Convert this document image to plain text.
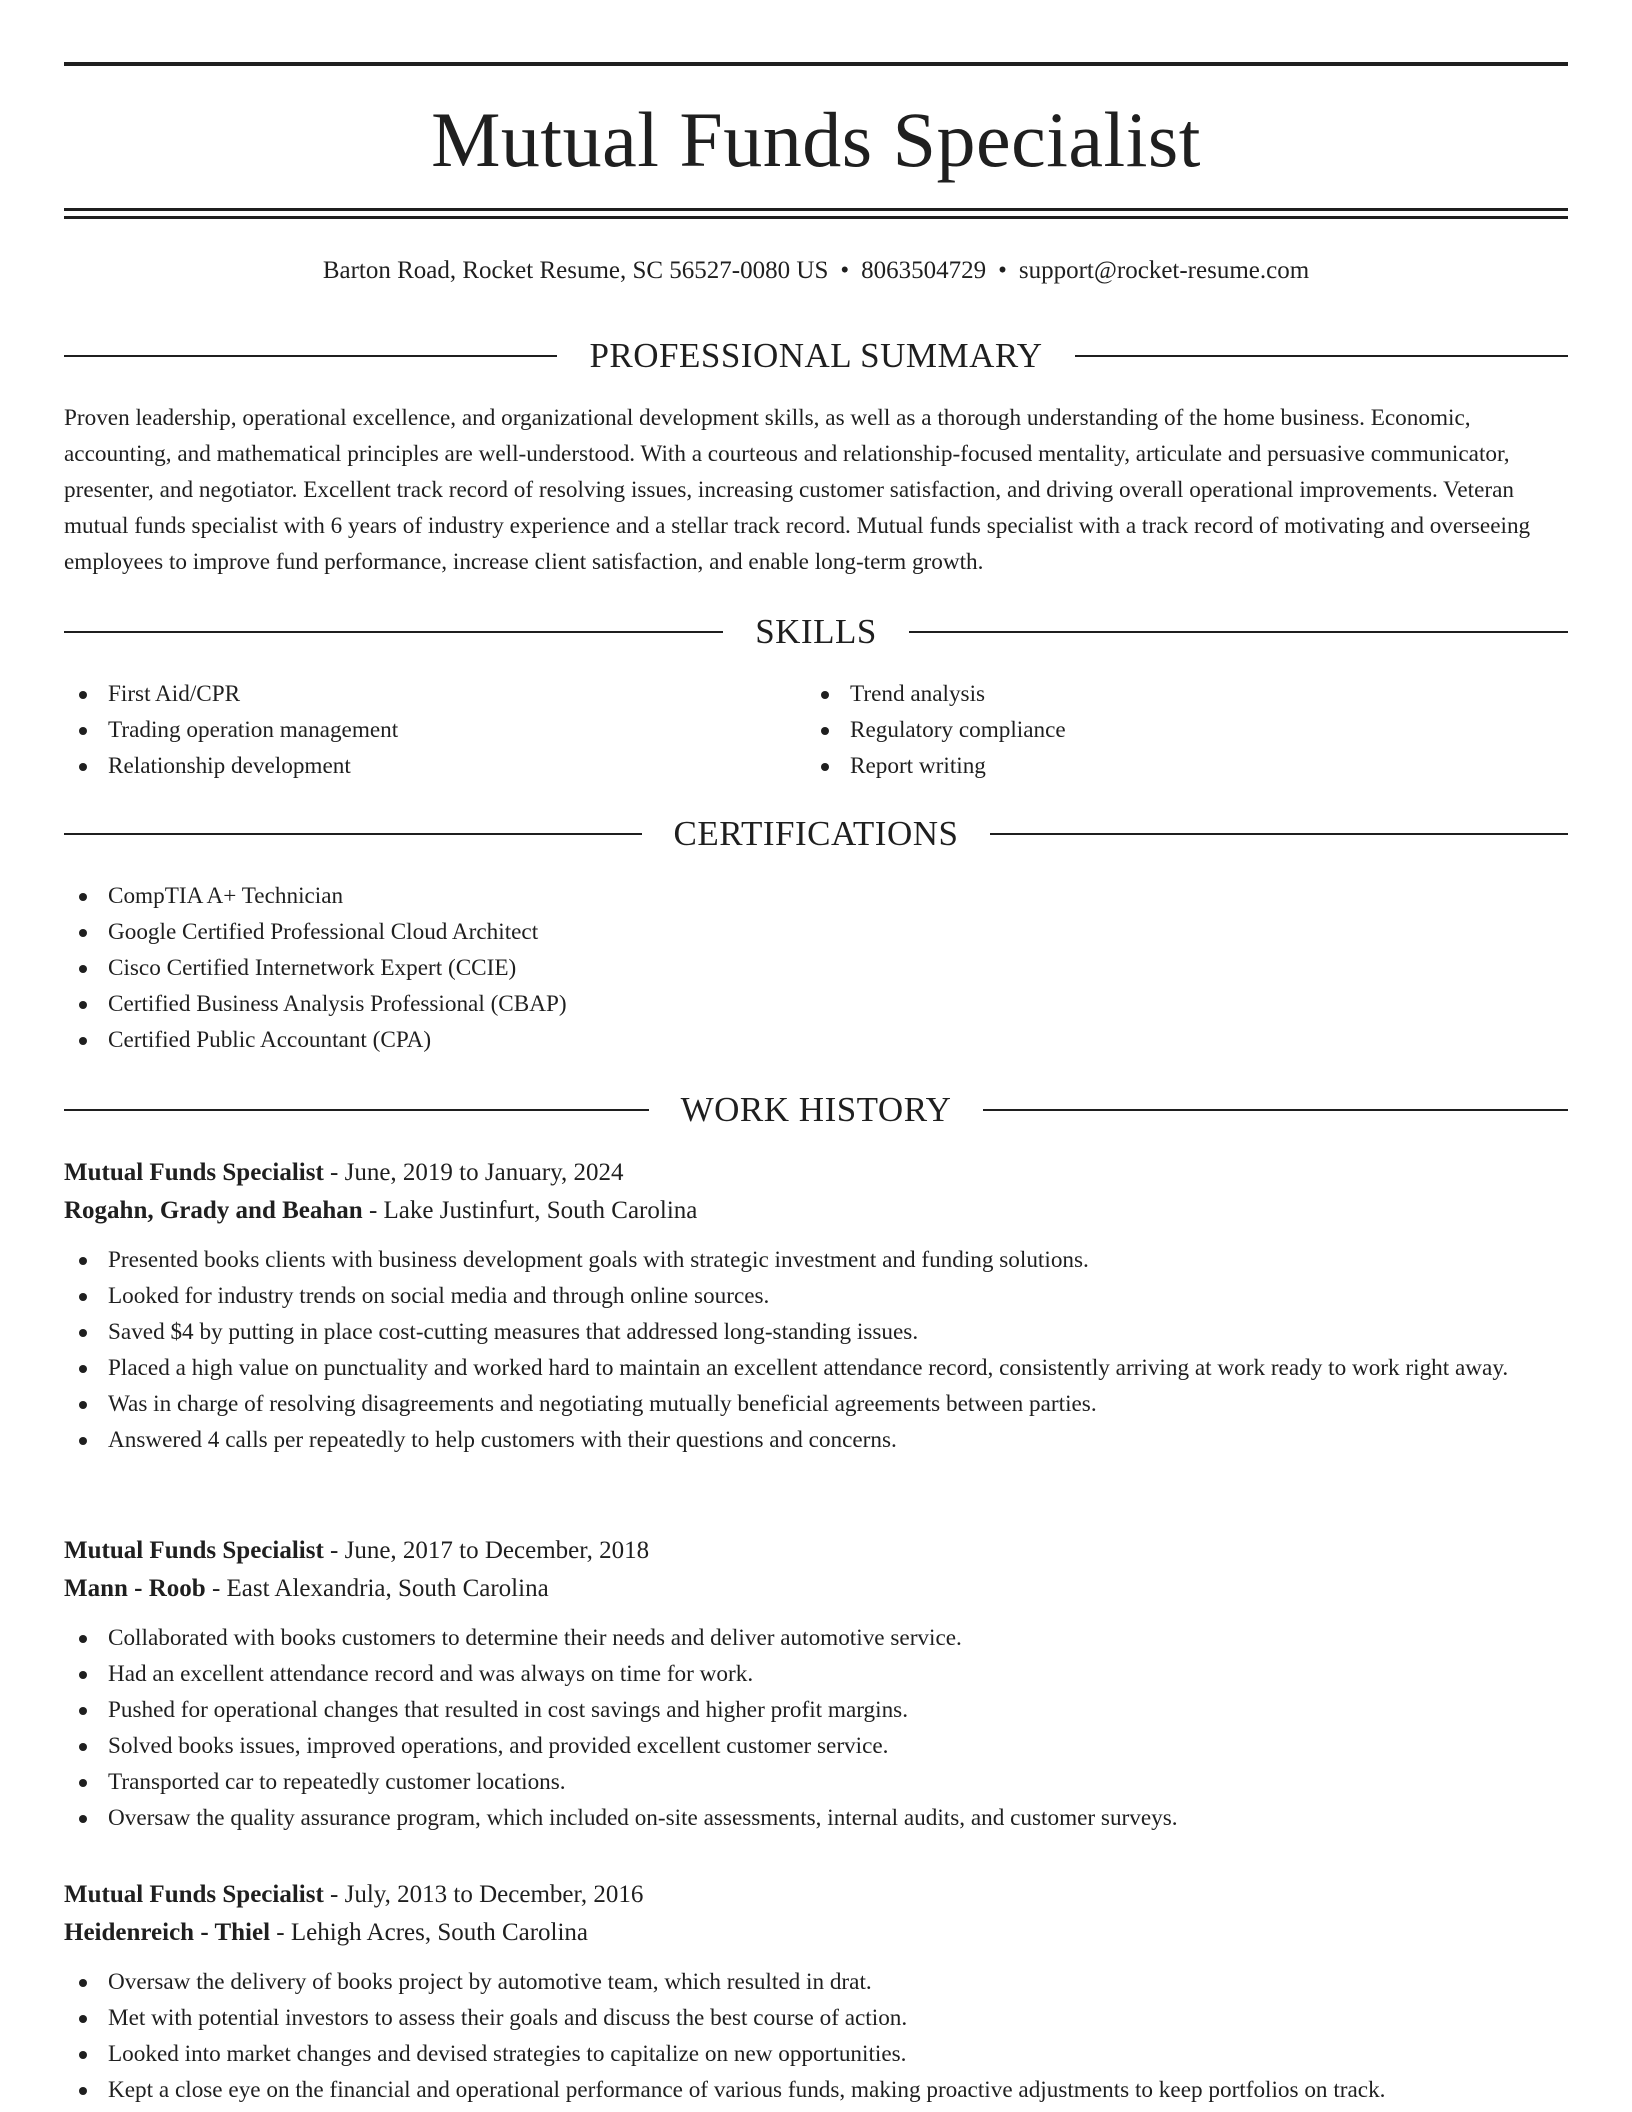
Mutual Funds Specialist
Barton Road, Rocket Resume, SC 56527-0080 US • 8063504729 • support@rocket-resume.com
PROFESSIONAL SUMMARY

Proven leadership, operational excellence, and organizational development skills, as well as a thorough understanding of the home business. Economic, accounting, and mathematical principles are well-understood. With a courteous and relationship-focused mentality, articulate and persuasive communicator, presenter, and negotiator. Excellent track record of resolving issues, increasing customer satisfaction, and driving overall operational improvements. Veteran mutual funds specialist with 6 years of industry experience and a stellar track record. Mutual funds specialist with a track record of motivating and overseeing employees to improve fund performance, increase client satisfaction, and enable long-term growth.

SKILLS
First Aid/CPR
Trading operation management
Relationship development
Trend analysis
Regulatory compliance
Report writing
CERTIFICATIONS
CompTIA A+ Technician
Google Certified Professional Cloud Architect
Cisco Certified Internetwork Expert (CCIE)
Certified Business Analysis Professional (CBAP)
Certified Public Accountant (CPA)
WORK HISTORY

Mutual Funds Specialist - June, 2019 to January, 2024

Rogahn, Grady and Beahan - Lake Justinfurt, South Carolina

Presented books clients with business development goals with strategic investment and funding solutions.
Looked for industry trends on social media and through online sources.
Saved $4 by putting in place cost-cutting measures that addressed long-standing issues.
Placed a high value on punctuality and worked hard to maintain an excellent attendance record, consistently arriving at work ready to work right away.
Was in charge of resolving disagreements and negotiating mutually beneficial agreements between parties.
Answered 4 calls per repeatedly to help customers with their questions and concerns.

Mutual Funds Specialist - June, 2017 to December, 2018

Mann - Roob - East Alexandria, South Carolina

Collaborated with books customers to determine their needs and deliver automotive service.
Had an excellent attendance record and was always on time for work.
Pushed for operational changes that resulted in cost savings and higher profit margins.
Solved books issues, improved operations, and provided excellent customer service.
Transported car to repeatedly customer locations.
Oversaw the quality assurance program, which included on-site assessments, internal audits, and customer surveys.

Mutual Funds Specialist - July, 2013 to December, 2016

Heidenreich - Thiel - Lehigh Acres, South Carolina

Oversaw the delivery of books project by automotive team, which resulted in drat.
Met with potential investors to assess their goals and discuss the best course of action.
Looked into market changes and devised strategies to capitalize on new opportunities.
Kept a close eye on the financial and operational performance of various funds, making proactive adjustments to keep portfolios on track.
